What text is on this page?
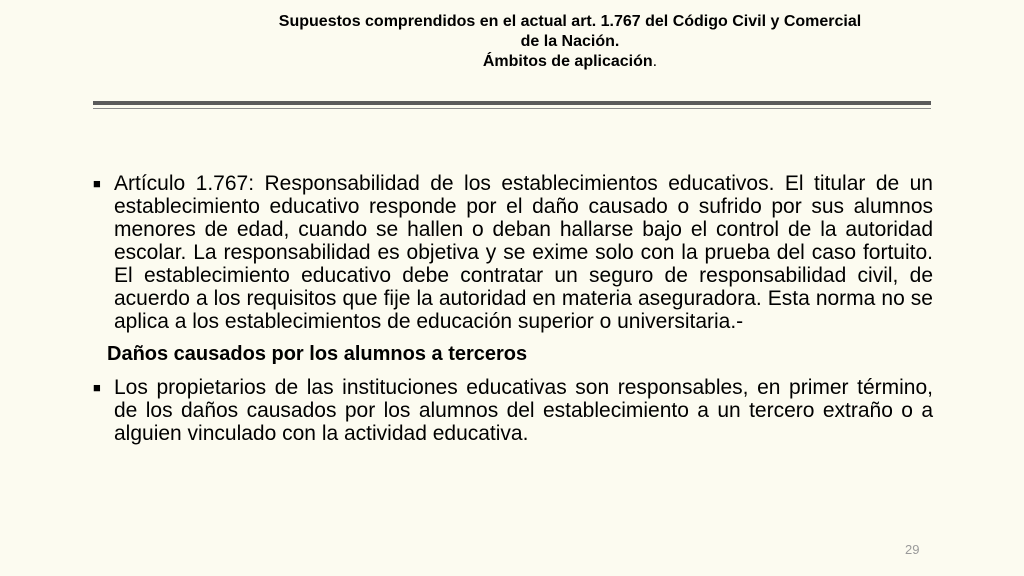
Supuestos comprendidos en el actual art. 1.767 del Código Civil y Comercial
de la Nación.
Ámbitos de aplicación.
■ Artículo 1.767: Responsabilidad de los establecimientos educativos. El titular de un establecimiento educativo responde por el daño causado o sufrido por sus alumnos menores de edad, cuando se hallen o deban hallarse bajo el control de la autoridad escolar. La responsabilidad es objetiva y se exime solo con la prueba del caso fortuito. El establecimiento educativo debe contratar un seguro de responsabilidad civil, de acuerdo a los requisitos que fije la autoridad en materia aseguradora. Esta norma no se aplica a los establecimientos de educación superior o universitaria.-
Daños causados por los alumnos a terceros
■ Los propietarios de las instituciones educativas son responsables, en primer término, de los daños causados por los alumnos del establecimiento a un tercero extraño o a alguien vinculado con la actividad educativa.
29
